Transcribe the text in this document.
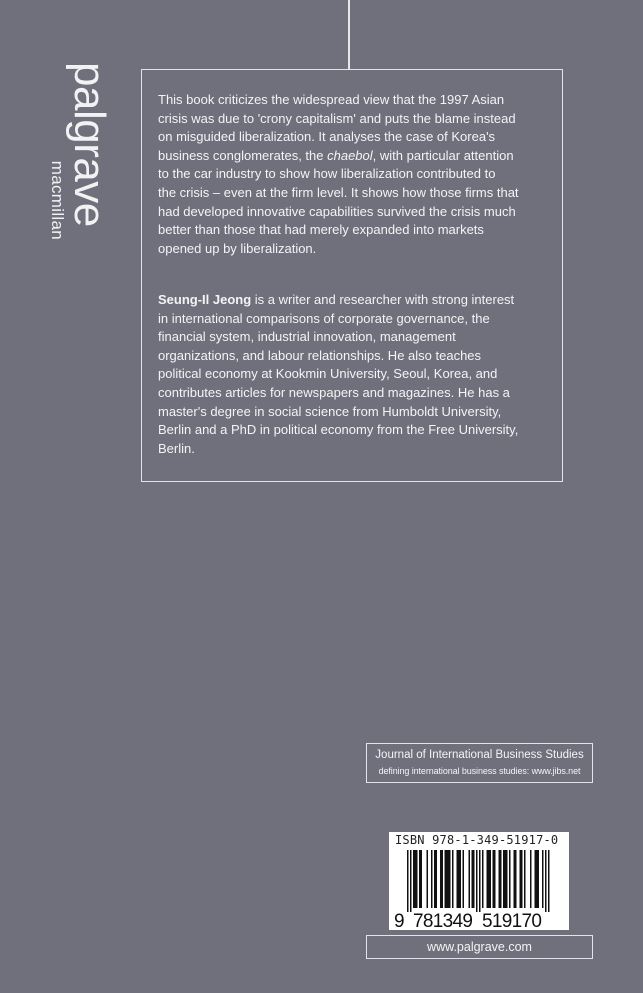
palgrave
macmillan
This book criticizes the widespread view that the 1997 Asian
crisis was due to 'crony capitalism' and puts the blame instead
on misguided liberalization. It analyses the case of Korea's
business conglomerates, the chaebol, with particular attention
to the car industry to show how liberalization contributed to
the crisis – even at the firm level. It shows how those firms that
had developed innovative capabilities survived the crisis much
better than those that had merely expanded into markets
opened up by liberalization.
Seung-Il Jeong is a writer and researcher with strong interest
in international comparisons of corporate governance, the
financial system, industrial innovation, management
organizations, and labour relationships. He also teaches
political economy at Kookmin University, Seoul, Korea, and
contributes articles for newspapers and magazines. He has a
master's degree in social science from Humboldt University,
Berlin and a PhD in political economy from the Free University,
Berlin.
Journal of International Business Studies
defining international business studies: www.jibs.net
ISBN 978-1-349-51917-0
9 781349 519170
www.palgrave.com
